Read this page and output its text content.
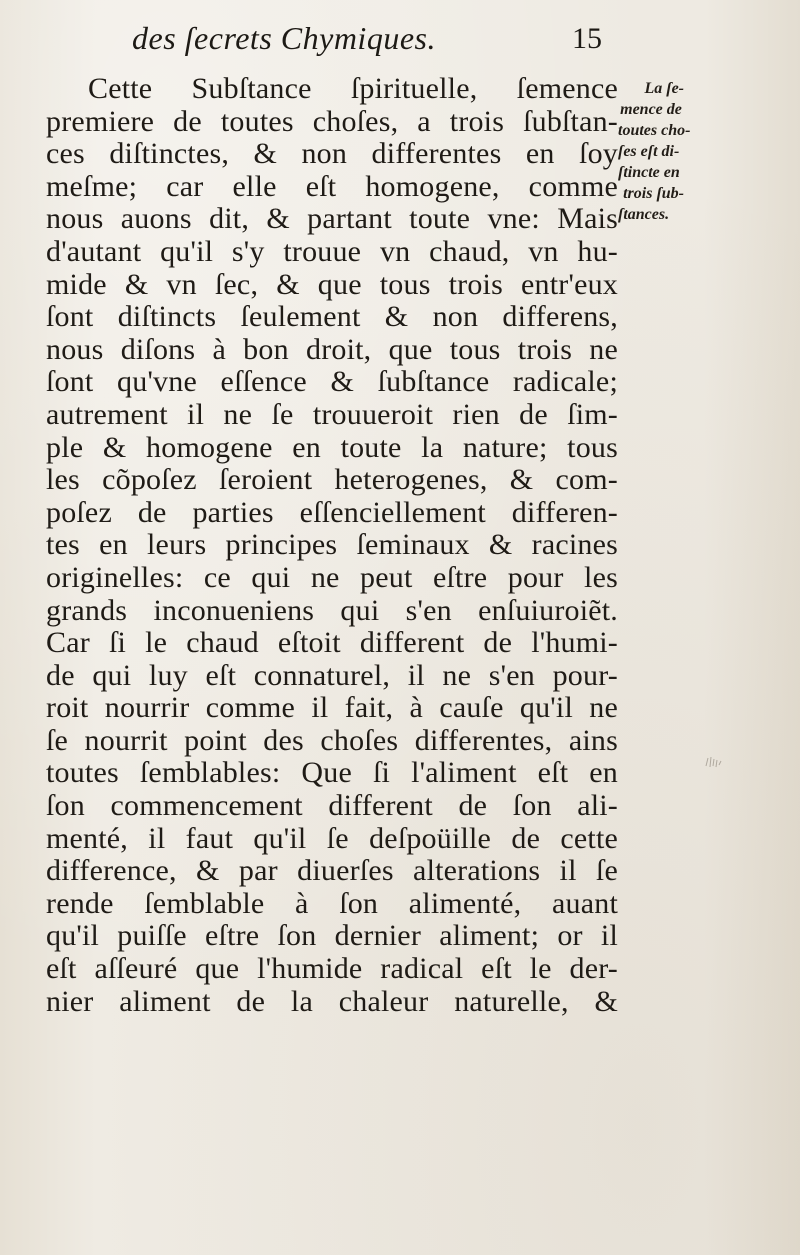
des ſecrets Chymiques.	15
Cette Subſtance ſpirituelle, ſemence
premiere de toutes choſes, a trois ſubſtan-
ces diſtinctes, & non differentes en ſoy
meſme; car elle eſt homogene, comme
nous auons dit, & partant toute vne: Mais
d'autant qu'il s'y trouue vn chaud, vn hu-
mide & vn ſec, & que tous trois entr'eux
ſont diſtincts ſeulement & non differens,
nous diſons à bon droit, que tous trois ne
ſont qu'vne eſſence & ſubſtance radicale;
autrement il ne ſe trouueroit rien de ſim-
ple & homogene en toute la nature; tous
les cõpoſez ſeroient heterogenes, & com-
poſez de parties eſſenciellement differen-
tes en leurs principes ſeminaux & racines
originelles: ce qui ne peut eſtre pour les
grands inconueniens qui s'en enſuiuroiẽt.
Car ſi le chaud eſtoit different de l'humi-
de qui luy eſt connaturel, il ne s'en pour-
roit nourrir comme il fait, à cauſe qu'il ne
ſe nourrit point des choſes differentes, ains
toutes ſemblables: Que ſi l'aliment eſt en
ſon commencement different de ſon ali-
menté, il faut qu'il ſe deſpoüille de cette
difference, & par diuerſes alterations il ſe
rende ſemblable à ſon alimenté, auant
qu'il puiſſe eſtre ſon dernier aliment; or il
eſt aſſeuré que l'humide radical eſt le der-
nier aliment de la chaleur naturelle, &
La ſe-
mence de
toutes cho-
ſes eſt di-
ſtincte en
trois ſub-
ſtances.
